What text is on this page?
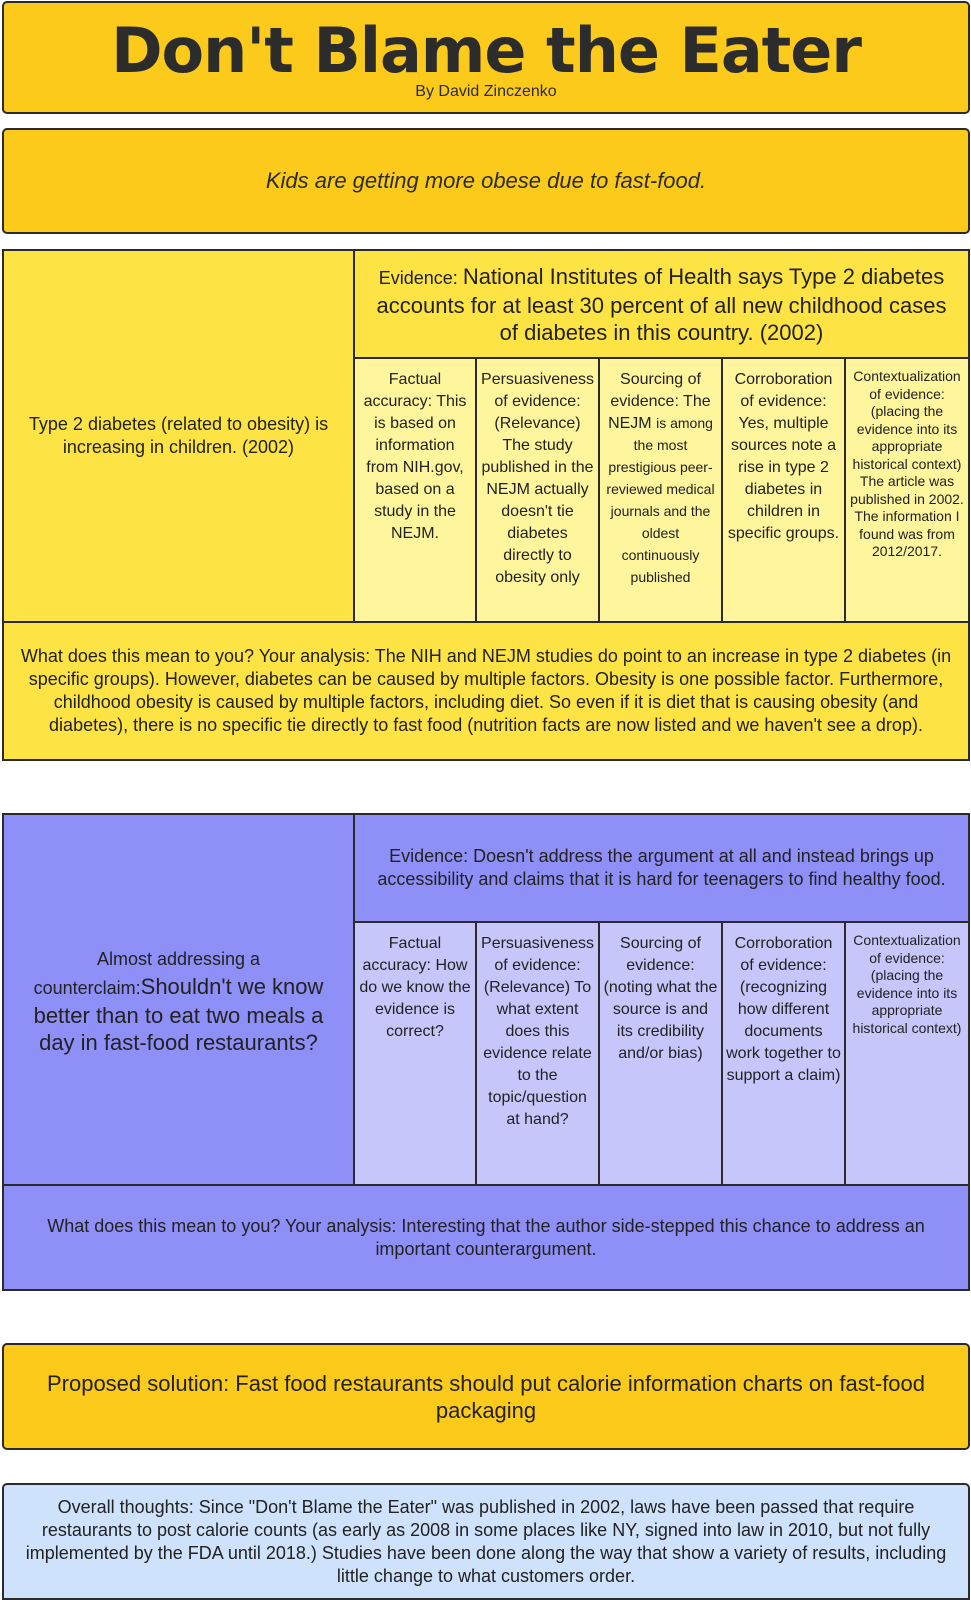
Don't Blame the Eater
By David Zinczenko
Kids are getting more obese due to fast-food.
Type 2 diabetes (related to obesity) is increasing in children. (2002)
Evidence: National Institutes of Health says Type 2 diabetes accounts for at least 30 percent of all new childhood cases of diabetes in this country. (2002)
Factual accuracy: This is based on information from NIH.gov, based on a study in the NEJM.
Persuasiveness of evidence: (Relevance) The study published in the NEJM actually doesn't tie diabetes directly to obesity only
Sourcing of evidence: The NEJM is among the most prestigious peer-reviewed medical journals and the oldest continuously published
Corroboration of evidence: Yes, multiple sources note a rise in type 2 diabetes in children in specific groups.
Contextualization of evidence: (placing the evidence into its appropriate historical context) The article was published in 2002. The information I found was from 2012/2017.
What does this mean to you? Your analysis: The NIH and NEJM studies do point to an increase in type 2 diabetes (in specific groups). However, diabetes can be caused by multiple factors. Obesity is one possible factor. Furthermore, childhood obesity is caused by multiple factors, including diet. So even if it is diet that is causing obesity (and diabetes), there is no specific tie directly to fast food (nutrition facts are now listed and we haven't see a drop).
Almost addressing a counterclaim:Shouldn't we know better than to eat two meals a day in fast-food restaurants?
Evidence: Doesn't address the argument at all and instead brings up accessibility and claims that it is hard for teenagers to find healthy food.
Factual accuracy: How do we know the evidence is correct?
Persuasiveness of evidence: (Relevance) To what extent does this evidence relate to the topic/question at hand?
Sourcing of evidence: (noting what the source is and its credibility and/or bias)
Corroboration of evidence: (recognizing how different documents work together to support a claim)
Contextualization of evidence: (placing the evidence into its appropriate historical context)
What does this mean to you? Your analysis: Interesting that the author side-stepped this chance to address an important counterargument.
Proposed solution: Fast food restaurants should put calorie information charts on fast-food packaging
Overall thoughts: Since "Don't Blame the Eater" was published in 2002, laws have been passed that require restaurants to post calorie counts (as early as 2008 in some places like NY, signed into law in 2010, but not fully implemented by the FDA until 2018.) Studies have been done along the way that show a variety of results, including little change to what customers order.
